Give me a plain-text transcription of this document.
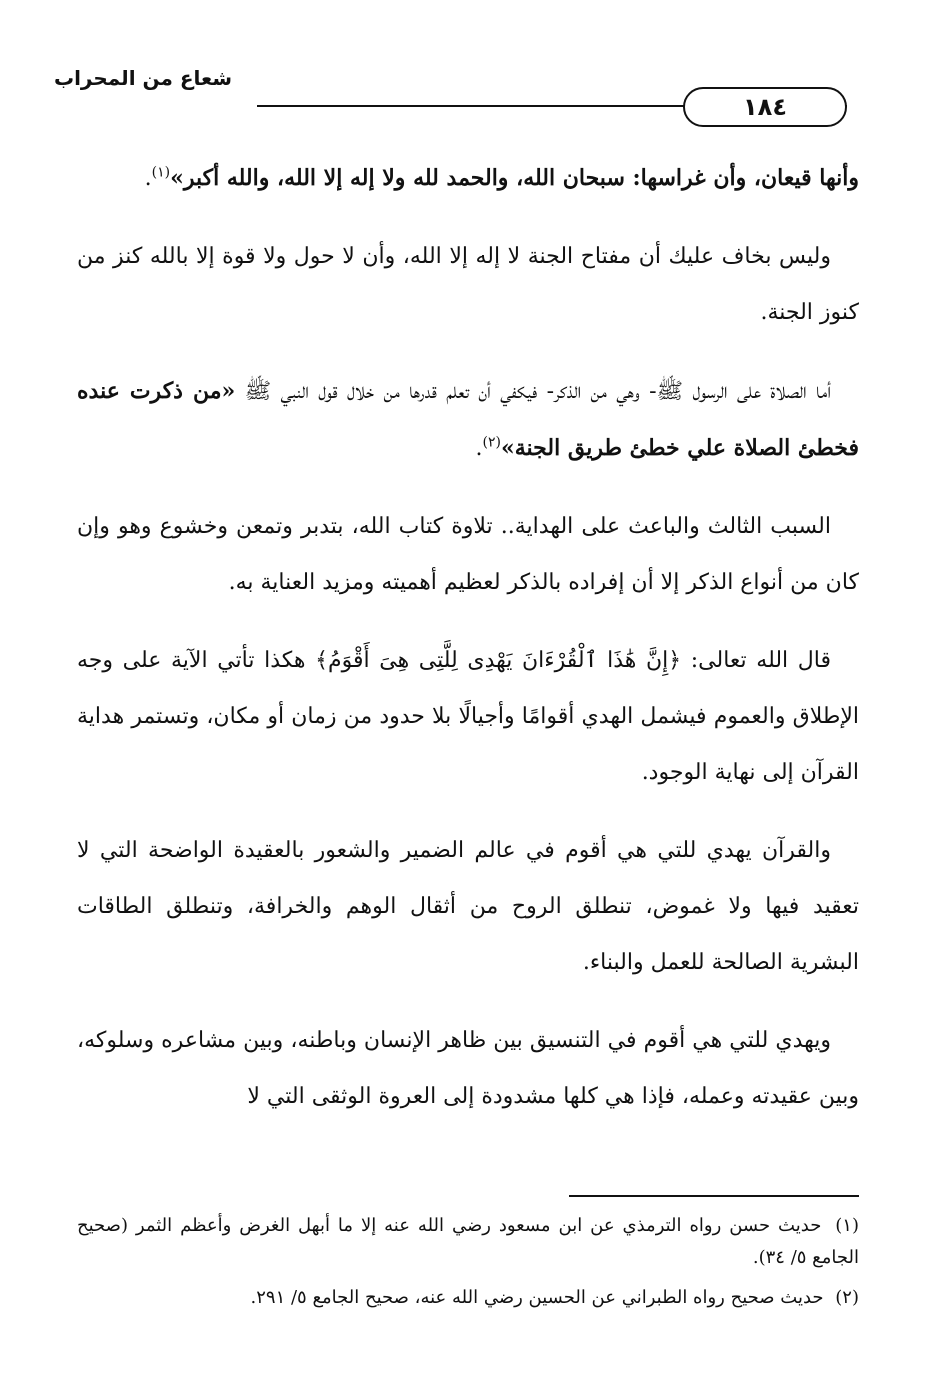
شعاع من المحراب
١٨٤

وأنها قيعان، وأن غراسها: سبحان الله، والحمد لله ولا إله إلا الله، والله أكبر»$^{(١)}$.

وليس بخاف عليك أن مفتاح الجنة لا إله إلا الله، وأن لا حول ولا قوة إلا بالله كنز من كنوز الجنة.

أما الصلاة على الرسول ﷺ- وهي من الذكر- فيكفي أن تعلم قدرها من خلال قول النبي ﷺ «من ذكرت عنده فخطئ الصلاة علي خطئ طريق الجنة»$^{(٢)}$.

السبب الثالث والباعث على الهداية.. تلاوة كتاب الله، بتدبر وتمعن وخشوع وهو وإن كان من أنواع الذكر إلا أن إفراده بالذكر لعظيم أهميته ومزيد العناية به.

قال الله تعالى: ﴿إِنَّ هَٰذَا ٱلْقُرْءَانَ يَهْدِى لِلَّتِى هِىَ أَقْوَمُ﴾ هكذا تأتي الآية على وجه الإطلاق والعموم فيشمل الهدي أقوامًا وأجيالًا بلا حدود من زمان أو مكان، وتستمر هداية القرآن إلى نهاية الوجود.

والقرآن يهدي للتي هي أقوم في عالم الضمير والشعور بالعقيدة الواضحة التي لا تعقيد فيها ولا غموض، تنطلق الروح من أثقال الوهم والخرافة، وتنطلق الطاقات البشرية الصالحة للعمل والبناء.

ويهدي للتي هي أقوم في التنسيق بين ظاهر الإنسان وباطنه، وبين مشاعره وسلوكه، وبين عقيدته وعمله، فإذا هي كلها مشدودة إلى العروة الوثقى التي لا

(١) حديث حسن رواه الترمذي عن ابن مسعود رضي الله عنه إلا ما أبهل الغرض وأعظم الثمر (صحيح الجامع ٥/ ٣٤).

(٢) حديث صحيح رواه الطبراني عن الحسين رضي الله عنه، صحيح الجامع ٥/ ٢٩١.
